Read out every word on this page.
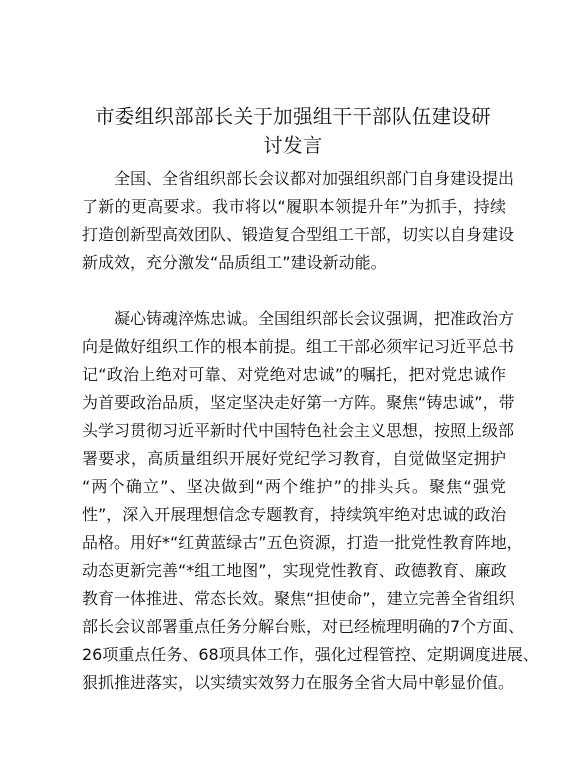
市委组织部部长关于加强组干干部队伍建设研
讨发言
全国、全省组织部长会议都对加强组织部门自身建设提出
了新的更高要求。我市将以“履职本领提升年”为抓手，持续
打造创新型高效团队、锻造复合型组工干部，切实以自身建设
新成效，充分激发“品质组工”建设新动能。
凝心铸魂淬炼忠诚。全国组织部长会议强调，把准政治方
向是做好组织工作的根本前提。组工干部必须牢记习近平总书
记“政治上绝对可靠、对党绝对忠诚”的嘱托，把对党忠诚作
为首要政治品质，坚定坚决走好第一方阵。聚焦“铸忠诚”，带
头学习贯彻习近平新时代中国特色社会主义思想，按照上级部
署要求，高质量组织开展好党纪学习教育，自觉做坚定拥护
“两个确立”、坚决做到“两个维护”的排头兵。聚焦“强党
性”，深入开展理想信念专题教育，持续筑牢绝对忠诚的政治
品格。用好*“红黄蓝绿古”五色资源，打造一批党性教育阵地，
动态更新完善“*组工地图”，实现党性教育、政德教育、廉政
教育一体推进、常态长效。聚焦“担使命”，建立完善全省组织
部长会议部署重点任务分解台账，对已经梳理明确的7个方面、
26项重点任务、68项具体工作，强化过程管控、定期调度进展、
狠抓推进落实，以实绩实效努力在服务全省大局中彰显价值。
